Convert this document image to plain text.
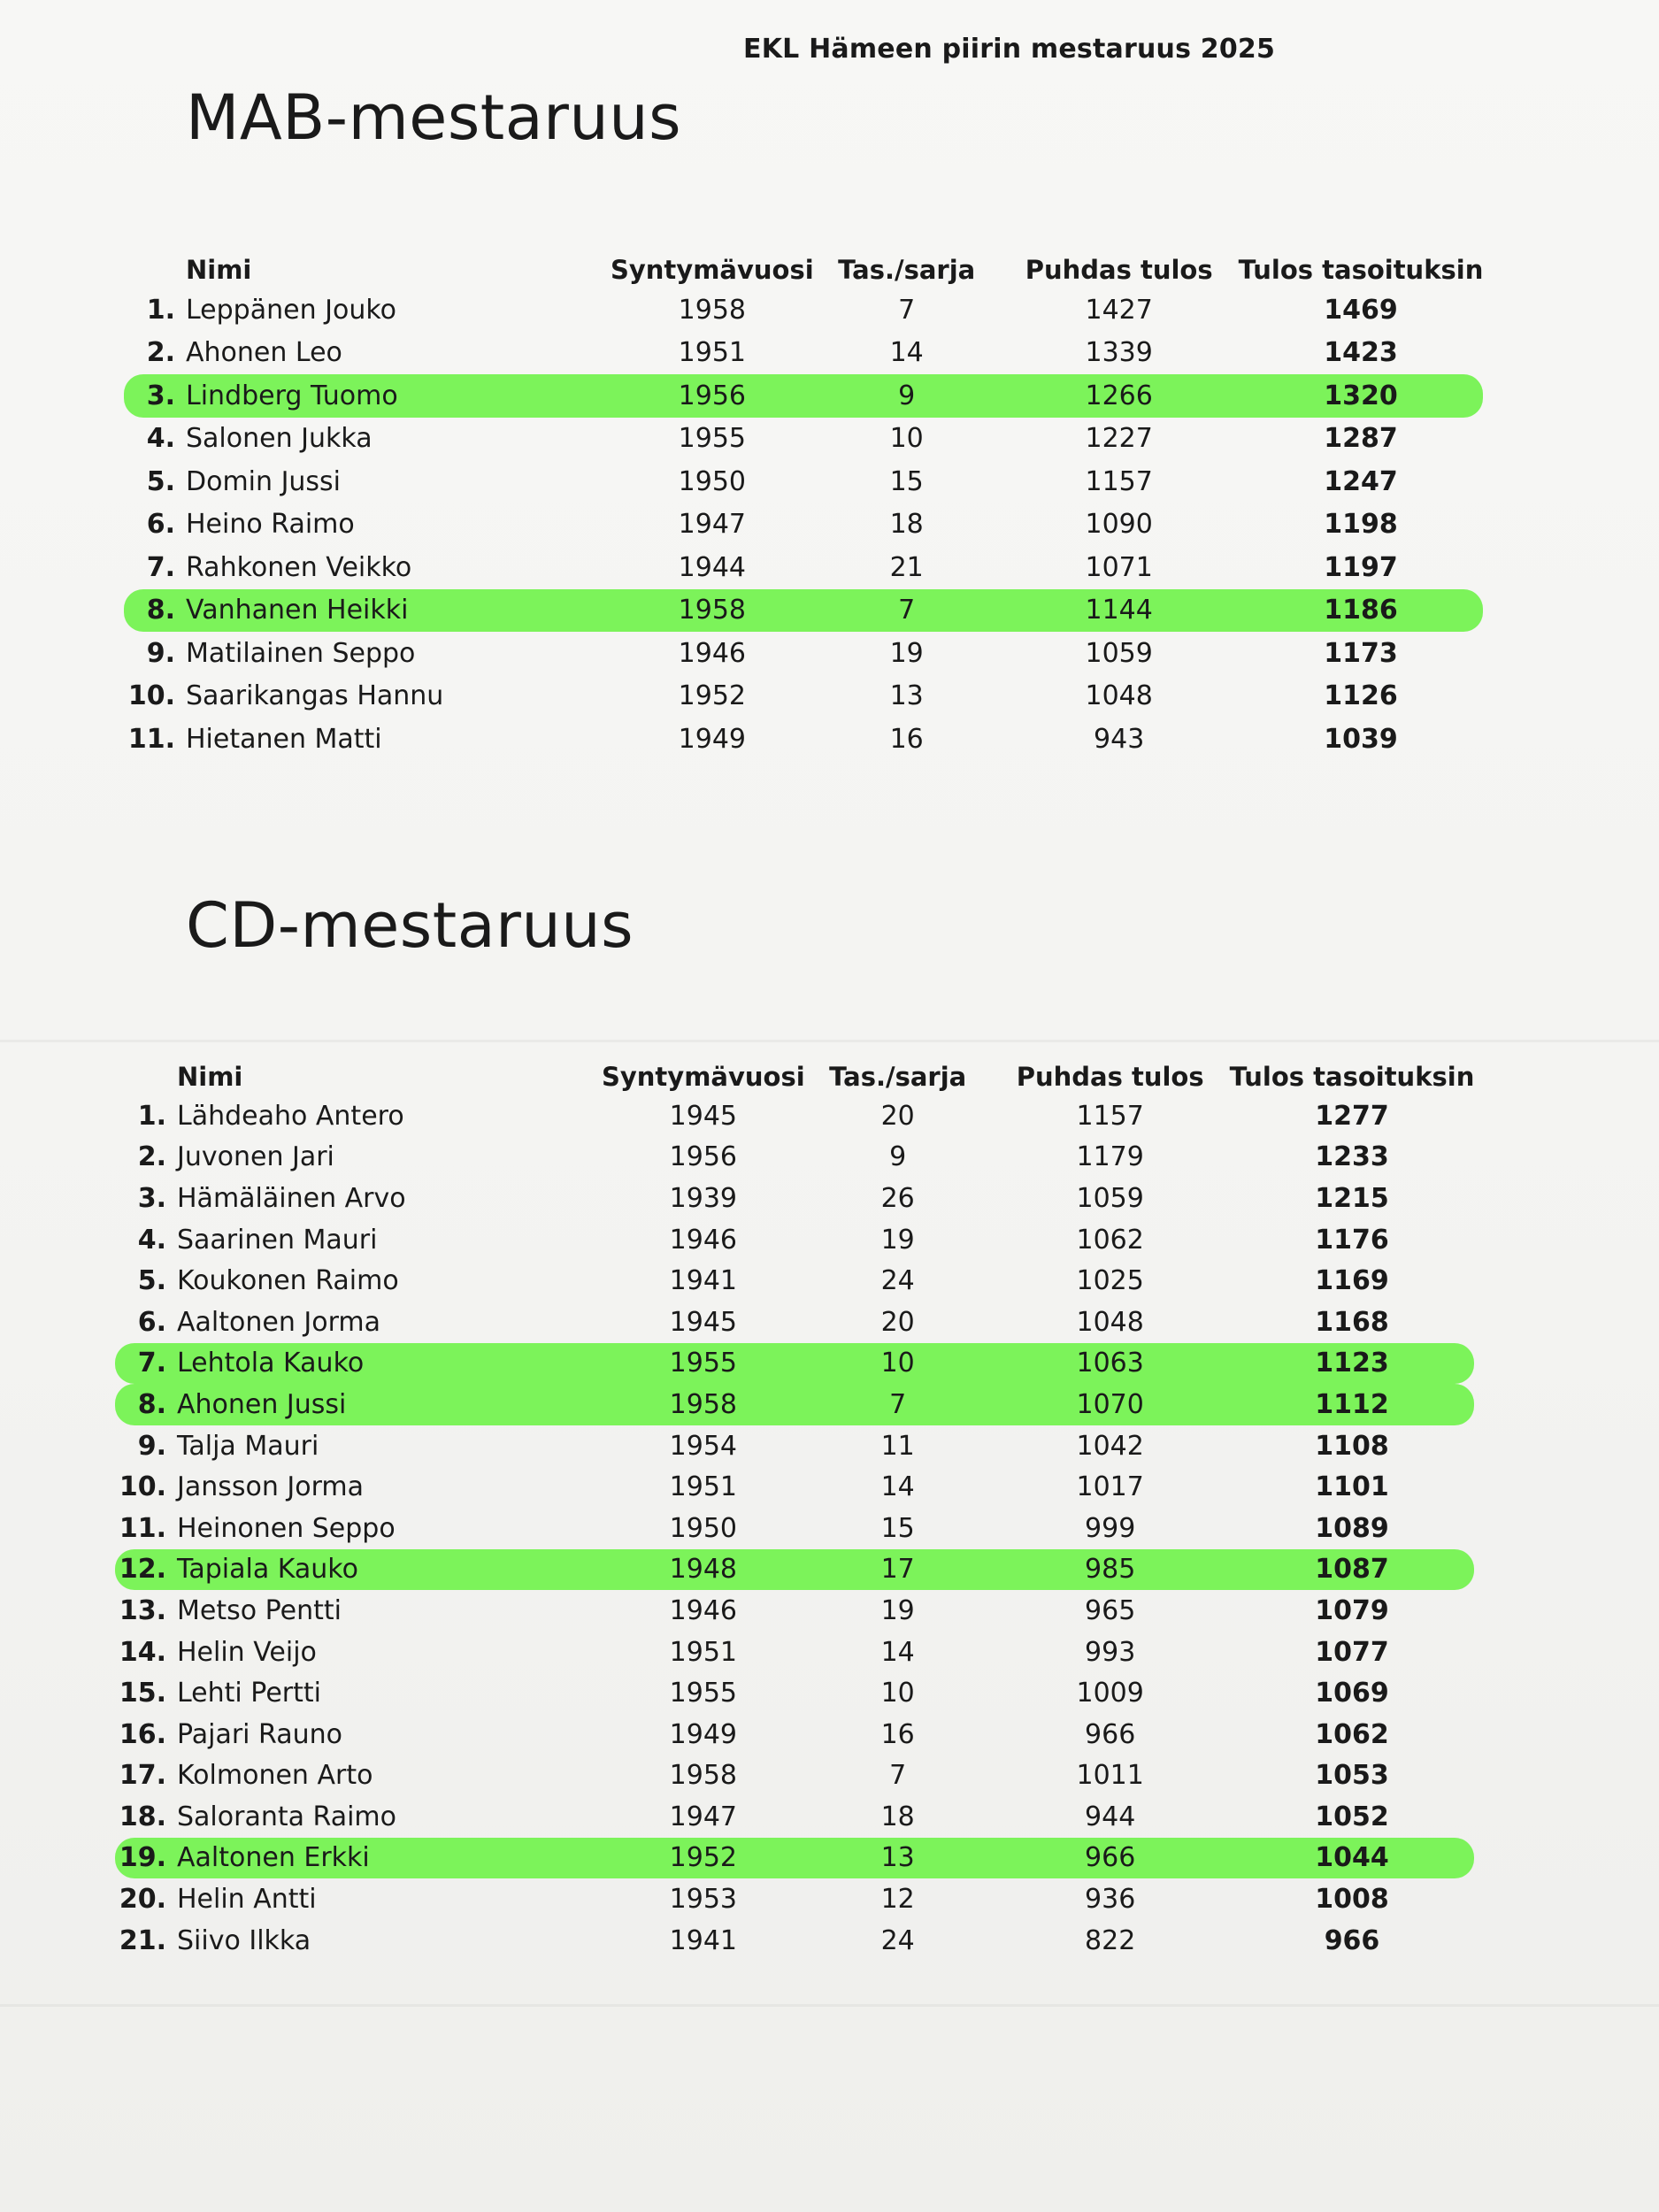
EKL Hämeen piirin mestaruus 2025
MAB-mestaruus
	Nimi	Syntymävuosi	Tas./sarja	Puhdas tulos	Tulos tasoituksin
1.	Leppänen Jouko	1958	7	1427	1469
2.	Ahonen Leo	1951	14	1339	1423
3.	Lindberg Tuomo	1956	9	1266	1320
4.	Salonen Jukka	1955	10	1227	1287
5.	Domin Jussi	1950	15	1157	1247
6.	Heino Raimo	1947	18	1090	1198
7.	Rahkonen Veikko	1944	21	1071	1197
8.	Vanhanen Heikki	1958	7	1144	1186
9.	Matilainen Seppo	1946	19	1059	1173
10.	Saarikangas Hannu	1952	13	1048	1126
11.	Hietanen Matti	1949	16	943	1039
CD-mestaruus
	Nimi	Syntymävuosi	Tas./sarja	Puhdas tulos	Tulos tasoituksin
1.	Lähdeaho Antero	1945	20	1157	1277
2.	Juvonen Jari	1956	9	1179	1233
3.	Hämäläinen Arvo	1939	26	1059	1215
4.	Saarinen Mauri	1946	19	1062	1176
5.	Koukonen Raimo	1941	24	1025	1169
6.	Aaltonen Jorma	1945	20	1048	1168
7.	Lehtola Kauko	1955	10	1063	1123
8.	Ahonen Jussi	1958	7	1070	1112
9.	Talja Mauri	1954	11	1042	1108
10.	Jansson Jorma	1951	14	1017	1101
11.	Heinonen Seppo	1950	15	999	1089
12.	Tapiala Kauko	1948	17	985	1087
13.	Metso Pentti	1946	19	965	1079
14.	Helin Veijo	1951	14	993	1077
15.	Lehti Pertti	1955	10	1009	1069
16.	Pajari Rauno	1949	16	966	1062
17.	Kolmonen Arto	1958	7	1011	1053
18.	Saloranta Raimo	1947	18	944	1052
19.	Aaltonen Erkki	1952	13	966	1044
20.	Helin Antti	1953	12	936	1008
21.	Siivo Ilkka	1941	24	822	966
